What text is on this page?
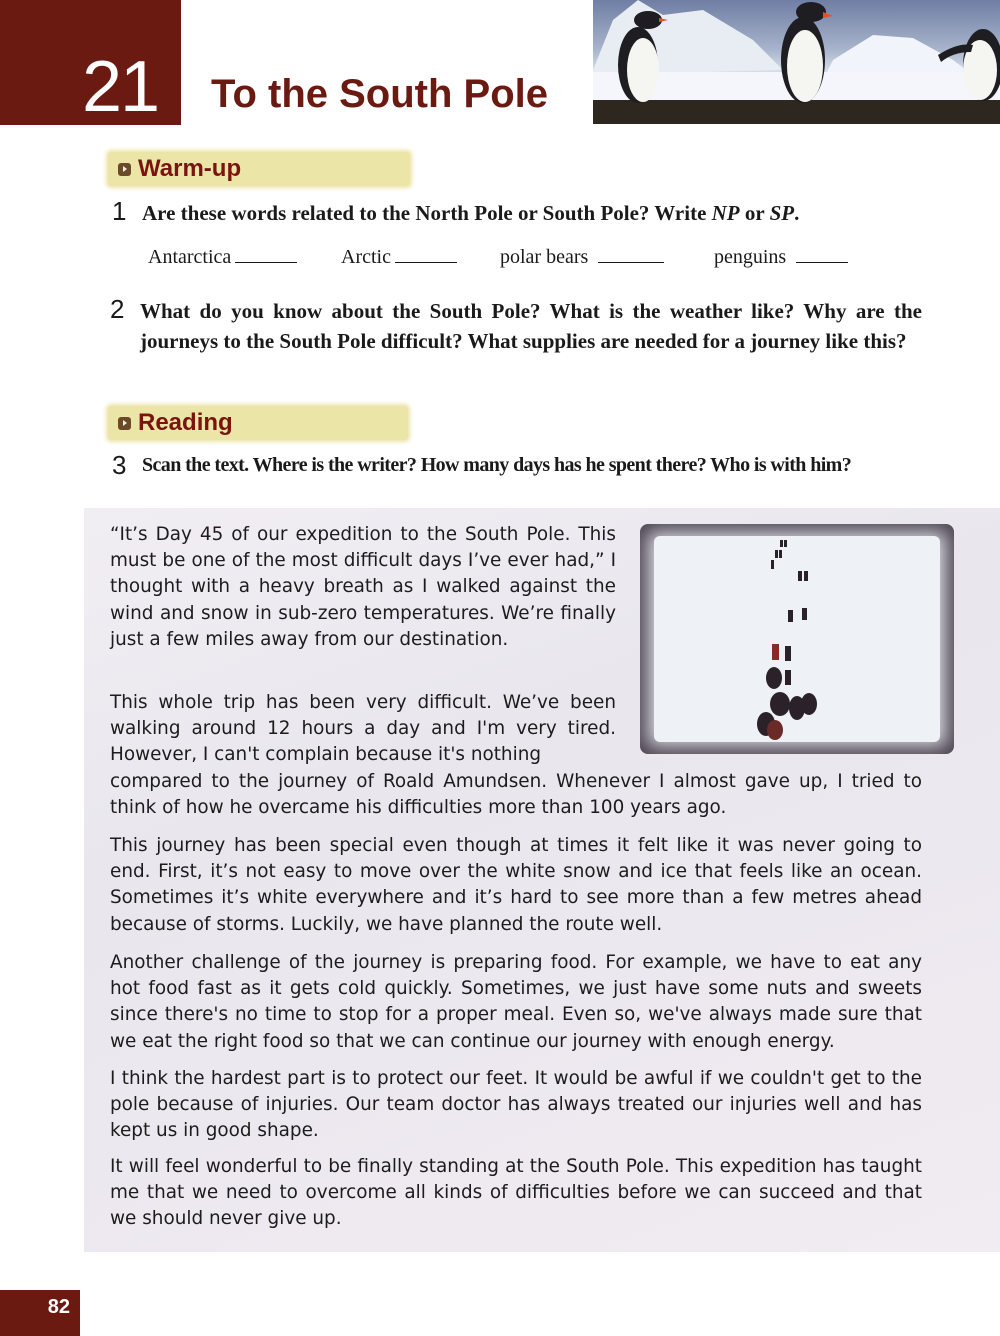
21 To the South Pole
Warm-up
1 Are these words related to the North Pole or South Pole? Write NP or SP.
Antarctica	Arctic	polar bears	penguins
2 What do you know about the South Pole? What is the weather like? Why are the journeys to the South Pole difficult? What supplies are needed for a journey like this?
Reading
3 Scan the text. Where is the writer? How many days has he spent there? Who is with him?

“It’s Day 45 of our expedition to the South Pole. This must be one of the most difficult days I’ve ever had,” I thought with a heavy breath as I walked against the wind and snow in sub-zero temperatures. We’re finally just a few miles away from our destination.

This whole trip has been very difficult. We’ve been walking around 12 hours a day and I'm very tired. However, I can't complain because it's nothing

compared to the journey of Roald Amundsen. Whenever I almost gave up, I tried to think of how he overcame his difficulties more than 100 years ago.

This journey has been special even though at times it felt like it was never going to end. First, it’s not easy to move over the white snow and ice that feels like an ocean. Sometimes it’s white everywhere and it’s hard to see more than a few metres ahead because of storms. Luckily, we have planned the route well.

Another challenge of the journey is preparing food. For example, we have to eat any hot food fast as it gets cold quickly. Sometimes, we just have some nuts and sweets since there's no time to stop for a proper meal. Even so, we've always made sure that we eat the right food so that we can continue our journey with enough energy.

I think the hardest part is to protect our feet. It would be awful if we couldn't get to the pole because of injuries. Our team doctor has always treated our injuries well and has kept us in good shape.

It will feel wonderful to be finally standing at the South Pole. This expedition has taught me that we need to overcome all kinds of difficulties before we can succeed and that we should never give up.

82
